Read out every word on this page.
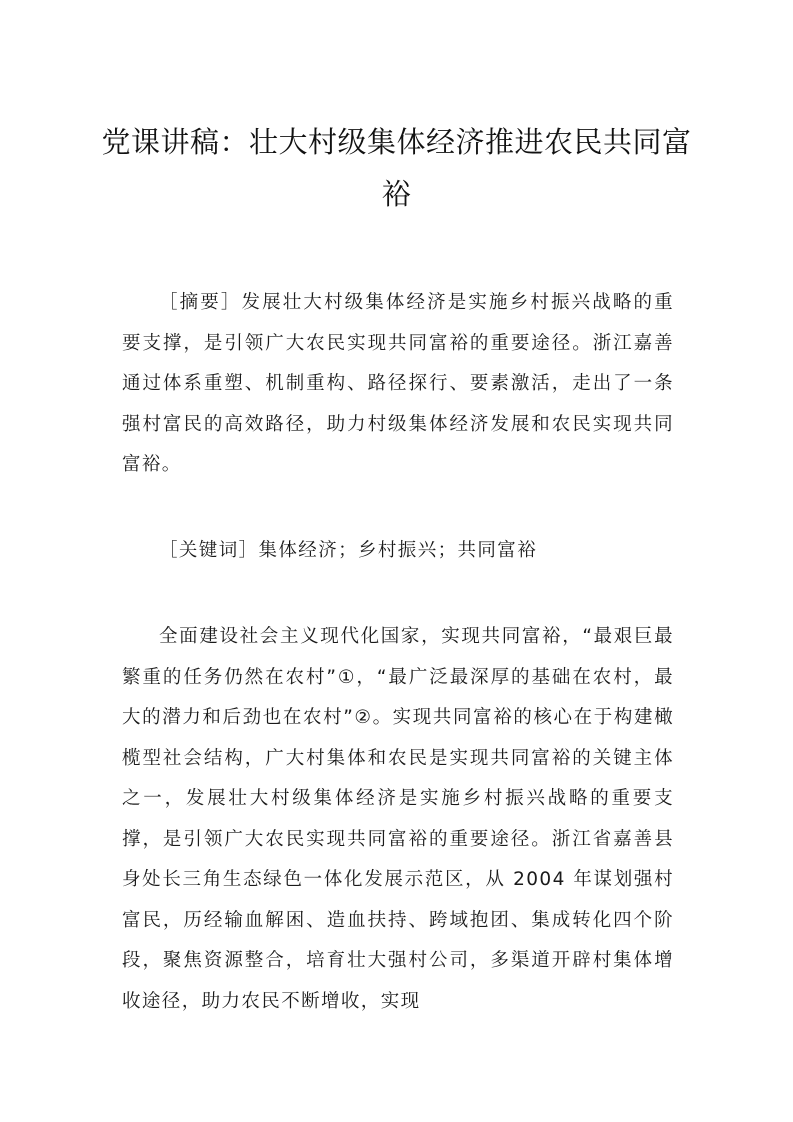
党课讲稿：壮大村级集体经济推进农民共同富裕

［摘要］发展壮大村级集体经济是实施乡村振兴战略的重要支撑，是引领广大农民实现共同富裕的重要途径。浙江嘉善通过体系重塑、机制重构、路径探行、要素激活，走出了一条强村富民的高效路径，助力村级集体经济发展和农民实现共同富裕。

［关键词］集体经济；乡村振兴；共同富裕

全面建设社会主义现代化国家，实现共同富裕，“最艰巨最繁重的任务仍然在农村”①，“最广泛最深厚的基础在农村，最大的潜力和后劲也在农村”②。实现共同富裕的核心在于构建橄榄型社会结构，广大村集体和农民是实现共同富裕的关键主体之一，发展壮大村级集体经济是实施乡村振兴战略的重要支撑，是引领广大农民实现共同富裕的重要途径。浙江省嘉善县身处长三角生态绿色一体化发展示范区，从 2004 年谋划强村富民，历经输血解困、造血扶持、跨域抱团、集成转化四个阶段，聚焦资源整合，培育壮大强村公司，多渠道开辟村集体增收途径，助力农民不断增收，实现
